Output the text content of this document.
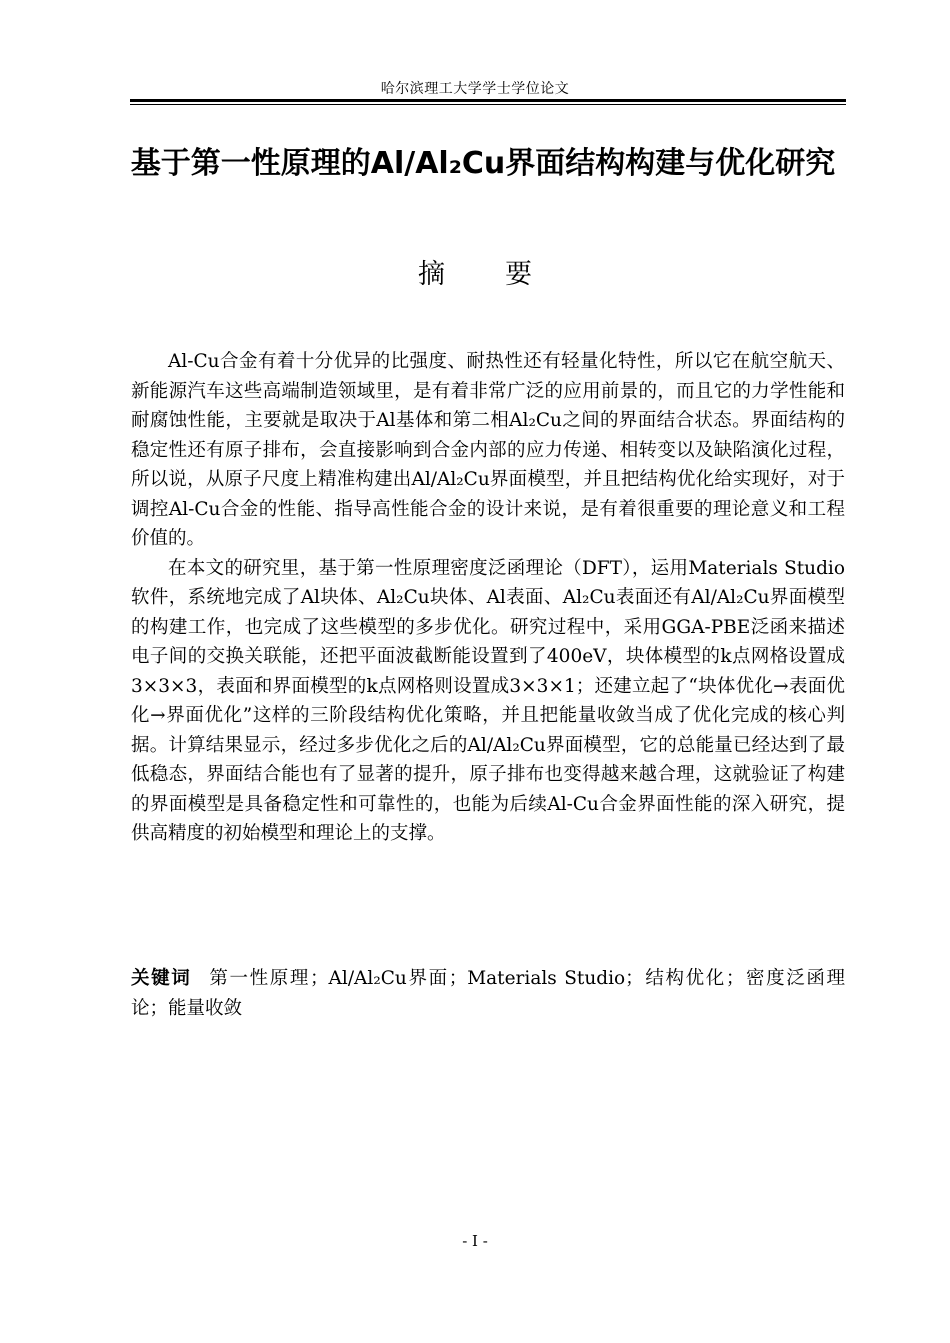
哈尔滨理工大学学士学位论文
基于第一性原理的Al/Al₂Cu界面结构构建与优化研究
摘要

Al-Cu合金有着十分优异的比强度、耐热性还有轻量化特性，所以它在航空航天、新能源汽车这些高端制造领域里，是有着非常广泛的应用前景的，而且它的力学性能和耐腐蚀性能，主要就是取决于Al基体和第二相Al₂Cu之间的界面结合状态。界面结构的稳定性还有原子排布，会直接影响到合金内部的应力传递、相转变以及缺陷演化过程，所以说，从原子尺度上精准构建出Al/Al₂Cu界面模型，并且把结构优化给实现好，对于调控Al-Cu合金的性能、指导高性能合金的设计来说，是有着很重要的理论意义和工程价值的。

在本文的研究里，基于第一性原理密度泛函理论（DFT），运用Materials Studio软件，系统地完成了Al块体、Al₂Cu块体、Al表面、Al₂Cu表面还有Al/Al₂Cu界面模型的构建工作，也完成了这些模型的多步优化。研究过程中，采用GGA-PBE泛函来描述电子间的交换关联能，还把平面波截断能设置到了400eV，块体模型的k点网格设置成3×3×3，表面和界面模型的k点网格则设置成3×3×1；还建立起了“块体优化→表面优化→界面优化”这样的三阶段结构优化策略，并且把能量收敛当成了优化完成的核心判据。计算结果显示，经过多步优化之后的Al/Al₂Cu界面模型，它的总能量已经达到了最低稳态，界面结合能也有了显著的提升，原子排布也变得越来越合理，这就验证了构建的界面模型是具备稳定性和可靠性的，也能为后续Al-Cu合金界面性能的深入研究，提供高精度的初始模型和理论上的支撑。

关键词 第一性原理；Al/Al₂Cu界面；Materials Studio；结构优化；密度泛函理论；能量收敛
- I -
